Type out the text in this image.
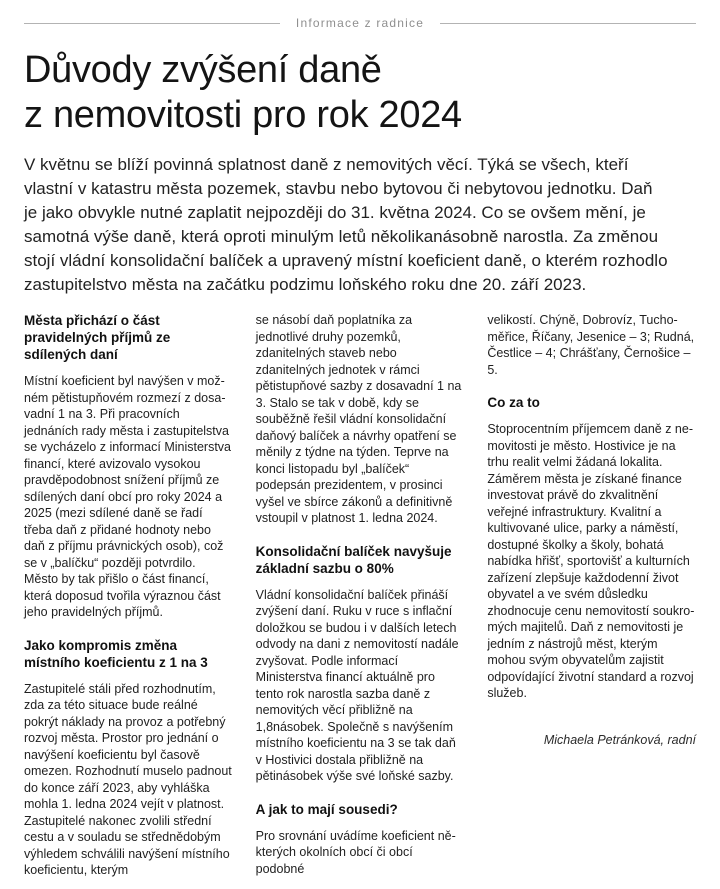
Informace z radnice
Důvody zvýšení daně
z nemovitosti pro rok 2024

V květnu se blíží povinná splatnost daně z nemovitých věcí. Týká se všech, kteří vlastní v katastru města pozemek, stavbu nebo bytovou či nebytovou jednotku. Daň je jako obvykle nutné zaplatit nejpozději do 31. května 2024. Co se ovšem mění, je samotná výše daně, která oproti minulým letů několikanásobně narostla. Za změnou stojí vládní konsolidační balíček a upravený místní koeficient daně, o kterém rozhodlo zastupitelstvo města na začátku podzimu loňského roku dne 20. září 2023.

Města přichází o část pravidelných příjmů ze sdílených daní

Místní koeficient byl navýšen v možném pětistupňovém rozmezí z dosavadní 1 na 3. Při pracovních jednáních rady města i zastupitelstva se vycházelo z informací Ministerstva financí, které avizovalo vysokou pravděpodobnost snížení příjmů ze sdílených daní obcí pro roky 2024 a 2025 (mezi sdílené daně se řadí třeba daň z přidané hodnoty nebo daň z příjmu právnických osob), což se v „balíčku“ později potvrdilo. Město by tak přišlo o část financí, která doposud tvořila výraznou část jeho pravidelných příjmů.

Jako kompromis změna místního koeficientu z 1 na 3

Zastupitelé stáli před rozhodnutím, zda za této situace bude reálné pokrýt náklady na provoz a potřebný rozvoj města. Prostor pro jednání o navýšení koeficientu byl časově omezen. Rozhodnutí muselo padnout do konce září 2023, aby vyhláška mohla 1. ledna 2024 vejít v platnost. Zastupitelé nakonec zvolili střední cestu a v souladu se střednědobým výhledem schválili navýšení místního koeficientu, kterým

se násobí daň poplatníka za jednotlivé druhy pozemků, zdanitelných staveb nebo zdanitelných jednotek v rámci pětistupňové sazby z dosavadní 1 na 3. Stalo se tak v době, kdy se souběžně řešil vládní konsolidační daňový balíček a návrhy opatření se měnily z týdne na týden. Teprve na konci listopadu byl „balíček“ podepsán prezidentem, v prosinci vyšel ve sbírce zákonů a definitivně vstoupil v platnost 1. ledna 2024.

Konsolidační balíček navyšuje základní sazbu o 80%

Vládní konsolidační balíček přináší zvýšení daní. Ruku v ruce s inflační doložkou se budou i v dalších letech odvody na dani z nemovitostí nadále zvyšovat. Podle informací Ministerstva financí aktuálně pro tento rok narostla sazba daně z nemovitých věcí přibližně na 1,8násobek. Společně s navýšením místního koeficientu na 3 se tak daň v Hostivici dostala přibližně na pětinásobek výše své loňské sazby.

A jak to mají sousedi?

Pro srovnání uvádíme koeficient některých okolních obcí či obcí podobné

velikostí. Chýně, Dobrovíz, Tuchoměřice, Říčany, Jesenice – 3; Rudná, Čestlice – 4; Chrášťany, Černošice – 5.

Co za to

Stoprocentním příjemcem daně z nemovitosti je město. Hostivice je na trhu realit velmi žádaná lokalita. Záměrem města je získané finance investovat právě do zkvalitnění veřejné infrastruktury. Kvalitní a kultivované ulice, parky a náměstí, dostupné školky a školy, bohatá nabídka hřišť, sportovišť a kulturních zařízení zlepšuje každodenní život obyvatel a ve svém důsledku zhodnocuje cenu nemovitostí soukromých majitelů. Daň z nemovitosti je jedním z nástrojů měst, kterým mohou svým obyvatelům zajistit odpovídající životní standard a rozvoj služeb.

Michaela Petránková, radní
